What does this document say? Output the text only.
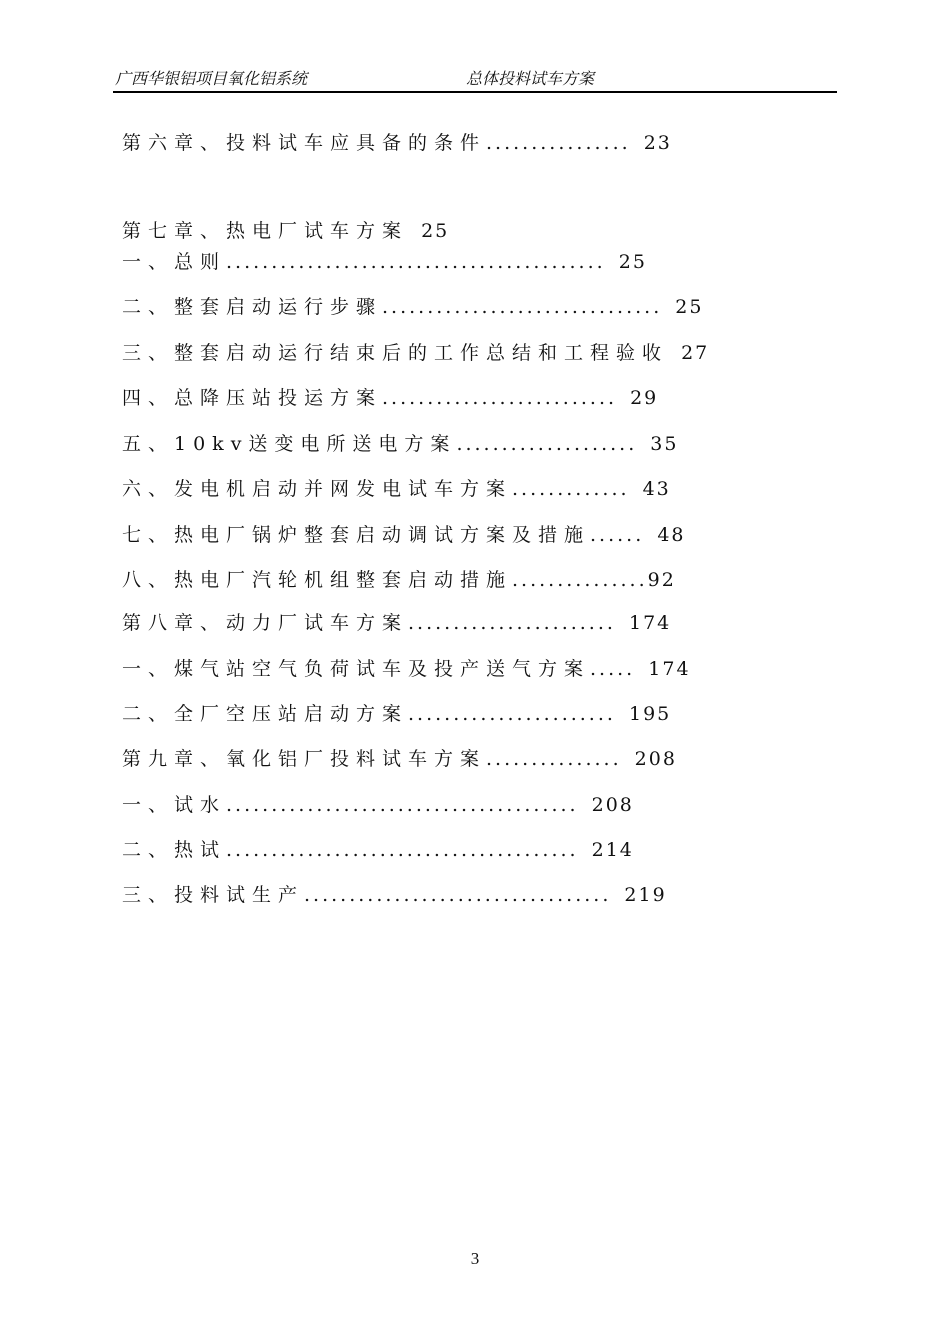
广西华银铝项目氧化铝系统	总体投料试车方案
第六章、投料试车应具备的条件................ 23
第七章、热电厂试车方案 25
一、总则.......................................... 25
二、整套启动运行步骤............................... 25
三、整套启动运行结束后的工作总结和工程验收 27
四、总降压站投运方案.......................... 29
五、10kv送变电所送电方案.................... 35
六、发电机启动并网发电试车方案............. 43
七、热电厂锅炉整套启动调试方案及措施...... 48
八、热电厂汽轮机组整套启动措施...............92
第八章、动力厂试车方案....................... 174
一、煤气站空气负荷试车及投产送气方案..... 174
二、全厂空压站启动方案....................... 195
第九章、氧化铝厂投料试车方案............... 208
一、试水....................................... 208
二、热试....................................... 214
三、投料试生产.................................. 219
3
